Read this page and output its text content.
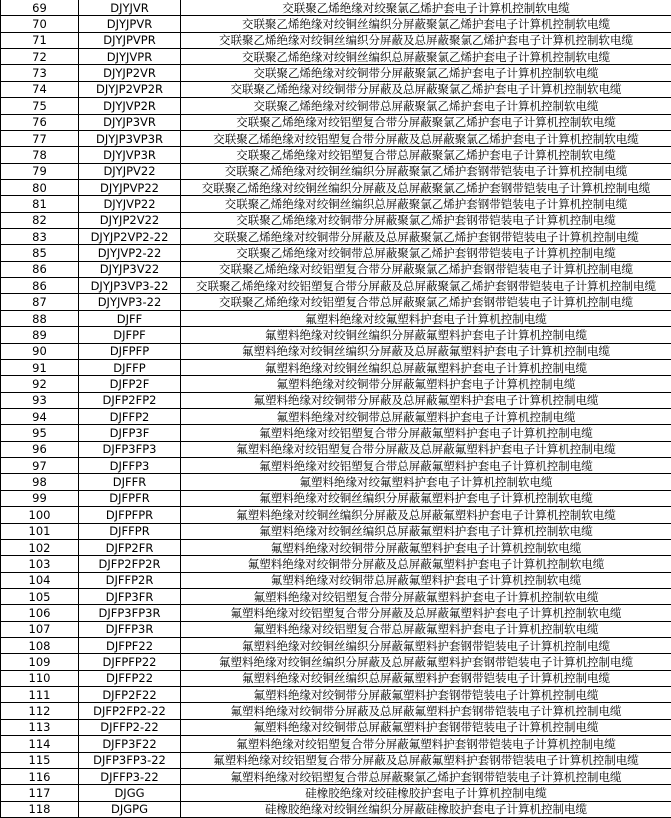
69	DJYJVR	交联聚乙烯绝缘对绞聚氯乙烯护套电子计算机控制软电缆
70	DJYJPVR	交联聚乙烯绝缘对绞铜丝编织分屏蔽聚氯乙烯护套电子计算机控制软电缆
71	DJYJPVPR	交联聚乙烯绝缘对绞铜丝编织分屏蔽及总屏蔽聚氯乙烯护套电子计算机控制软电缆
72	DJYJVPR	交联聚乙烯绝缘对绞铜丝编织总屏蔽聚氯乙烯护套电子计算机控制软电缆
73	DJYJP2VR	交联聚乙烯绝缘对绞铜带分屏蔽聚氯乙烯护套电子计算机控制软电缆
74	DJYJP2VP2R	交联聚乙烯绝缘对绞铜带分屏蔽及总屏蔽聚氯乙烯护套电子计算机控制软电缆
75	DJYJVP2R	交联聚乙烯绝缘对绞铜带总屏蔽聚氯乙烯护套电子计算机控制软电缆
76	DJYJP3VR	交联聚乙烯绝缘对绞铝塑复合带分屏蔽聚氯乙烯护套电子计算机控制软电缆
77	DJYJP3VP3R	交联聚乙烯绝缘对绞铝塑复合带分屏蔽及总屏蔽聚氯乙烯护套电子计算机控制软电缆
78	DJYJVP3R	交联聚乙烯绝缘对绞铝塑复合带总屏蔽聚氯乙烯护套电子计算机控制软电缆
79	DJYJPV22	交联聚乙烯绝缘对绞铜丝编织分屏蔽聚氯乙烯护套钢带铠装电子计算机控制电缆
80	DJYJPVP22	交联聚乙烯绝缘对绞铜丝编织分屏蔽及总屏蔽聚氯乙烯护套钢带铠装电子计算机控制电缆
81	DJYJVP22	交联聚乙烯绝缘对绞铜丝编织总屏蔽聚氯乙烯护套钢带铠装电子计算机控制电缆
82	DJYJP2V22	交联聚乙烯绝缘对绞铜带分屏蔽聚氯乙烯护套钢带铠装电子计算机控制电缆
83	DJYJP2VP2-22	交联聚乙烯绝缘对绞铜带分屏蔽及总屏蔽聚氯乙烯护套钢带铠装电子计算机控制电缆
85	DJYJVP2-22	交联聚乙烯绝缘对绞铜带总屏蔽聚氯乙烯护套钢带铠装电子计算机控制电缆
86	DJYJP3V22	交联聚乙烯绝缘对绞铝塑复合带分屏蔽聚氯乙烯护套钢带铠装电子计算机控制电缆
86	DJYJP3VP3-22	交联聚乙烯绝缘对绞铝塑复合带分屏蔽及总屏蔽聚氯乙烯护套钢带铠装电子计算机控制电缆
87	DJYJVP3-22	交联聚乙烯绝缘对绞铝塑复合带总屏蔽聚氯乙烯护套钢带铠装电子计算机控制电缆
88	DJFF	氟塑料绝缘对绞氟塑料护套电子计算机控制电缆
89	DJFPF	氟塑料绝缘对绞铜丝编织分屏蔽氟塑料护套电子计算机控制电缆
90	DJFPFP	氟塑料绝缘对绞铜丝编织分屏蔽及总屏蔽氟塑料护套电子计算机控制电缆
91	DJFFP	氟塑料绝缘对绞铜丝编织总屏蔽氟塑料护套电子计算机控制电缆
92	DJFP2F	氟塑料绝缘对绞铜带分屏蔽氟塑料护套电子计算机控制电缆
93	DJFP2FP2	氟塑料绝缘对绞铜带分屏蔽及总屏蔽氟塑料护套电子计算机控制电缆
94	DJFFP2	氟塑料绝缘对绞铜带总屏蔽氟塑料护套电子计算机控制电缆
95	DJFP3F	氟塑料绝缘对绞铝塑复合带分屏蔽氟塑料护套电子计算机控制电缆
96	DJFP3FP3	氟塑料绝缘对绞铝塑复合带分屏蔽及总屏蔽氟塑料护套电子计算机控制电缆
97	DJFFP3	氟塑料绝缘对绞铝塑复合带总屏蔽氟塑料护套电子计算机控制电缆
98	DJFFR	氟塑料绝缘对绞氟塑料护套电子计算机控制软电缆
99	DJFPFR	氟塑料绝缘对绞铜丝编织分屏蔽氟塑料护套电子计算机控制软电缆
100	DJFPFPR	氟塑料绝缘对绞铜丝编织分屏蔽及总屏蔽氟塑料护套电子计算机控制软电缆
101	DJFFPR	氟塑料绝缘对绞铜丝编织总屏蔽氟塑料护套电子计算机控制软电缆
102	DJFP2FR	氟塑料绝缘对绞铜带分屏蔽氟塑料护套电子计算机控制软电缆
103	DJFP2FP2R	氟塑料绝缘对绞铜带分屏蔽及总屏蔽氟塑料护套电子计算机控制软电缆
104	DJFFP2R	氟塑料绝缘对绞铜带总屏蔽氟塑料护套电子计算机控制软电缆
105	DJFP3FR	氟塑料绝缘对绞铝塑复合带分屏蔽氟塑料护套电子计算机控制软电缆
106	DJFP3FP3R	氟塑料绝缘对绞铝塑复合带分屏蔽及总屏蔽氟塑料护套电子计算机控制软电缆
107	DJFFP3R	氟塑料绝缘对绞铝塑复合带总屏蔽氟塑料护套电子计算机控制软电缆
108	DJFPF22	氟塑料绝缘对绞铜丝编织分屏蔽氟塑料护套钢带铠装电子计算机控制电缆
109	DJFPFP22	氟塑料绝缘对绞铜丝编织分屏蔽及总屏蔽氟塑料护套钢带铠装电子计算机控制电缆
110	DJFFP22	氟塑料绝缘对绞铜丝编织总屏蔽氟塑料护套钢带铠装电子计算机控制电缆
111	DJFP2F22	氟塑料绝缘对绞铜带分屏蔽氟塑料护套钢带铠装电子计算机控制电缆
112	DJFP2FP2-22	氟塑料绝缘对绞铜带分屏蔽及总屏蔽氟塑料护套钢带铠装电子计算机控制电缆
113	DJFFP2-22	氟塑料绝缘对绞铜带总屏蔽氟塑料护套钢带铠装电子计算机控制电缆
114	DJFP3F22	氟塑料绝缘对绞铝塑复合带分屏蔽氟塑料护套钢带铠装电子计算机控制电缆
115	DJFP3FP3-22	氟塑料绝缘对绞铝塑复合带分屏蔽及总屏蔽氟塑料护套钢带铠装电子计算机控制电缆
116	DJFFP3-22	氟塑料绝缘对绞铝塑复合带总屏蔽聚氯乙烯护套钢带铠装电子计算机控制电缆
117	DJGG	硅橡胶绝缘对绞硅橡胶护套电子计算机控制电缆
118	DJGPG	硅橡胶绝缘对绞铜丝编织分屏蔽硅橡胶护套电子计算机控制电缆
